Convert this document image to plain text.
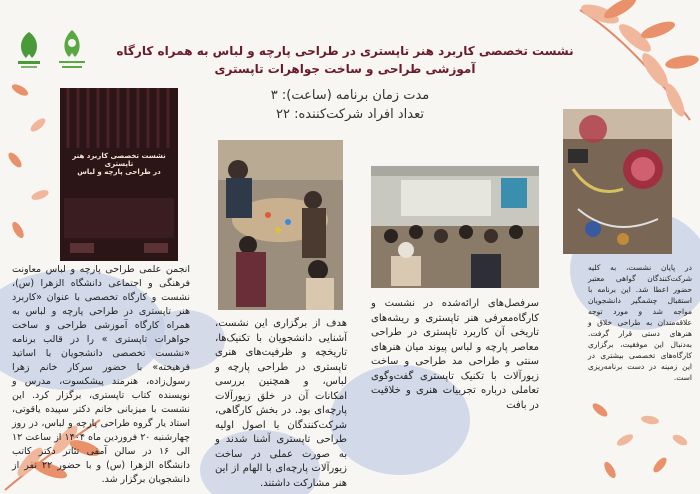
نشست تخصصی کاربرد هنر تاپستری در طراحی پارچه و لباس به همراه کارگاه
آموزشی طراحی و ساخت جواهرات تاپستری
مدت زمان برنامه (ساعت): ۳
تعداد افراد شرکت‌کننده: ۲۲
نشست تخصصی کاربرد هنر تاپستری
در طراحی پارچه و لباس
انجمن علمی طراحی پارچه و لباس معاونت فرهنگی و اجتماعی دانشگاه الزهرا (س)، نشست و کارگاه تخصصی با عنوان «کاربرد هنر تاپستری در طراحی پارچه و لباس به همراه کارگاه آموزشی طراحی و ساخت جواهرات تاپستری » را در قالب برنامه «نشست تخصصی دانشجویان با اساتید فرهیخته» با حضور سرکار خانم زهرا رسول‌زاده، هنرمند پیشکسوت، مدرس و نویسنده کتاب تاپستری، برگزار کرد. این نشست با میزبانی خانم دکتر سپیده یاقوتی، استاد یار گروه طراحی پارچه و لباس، در روز چهارشنبه ۲۰ فروردین ماه ۱۴۰۴ از ساعت ۱۲ الی ۱۶ در سالن آمفی تئاتر دکتر کاتب دانشگاه الزهرا (س) و با حضور ۲۲ نفر از دانشجویان برگزار شد.
هدف از برگزاری این نشست، آشنایی دانشجویان با تکنیک‌ها، تاریخچه و ظرفیت‌های هنری تاپستری در طراحی پارچه و لباس، و همچنین بررسی امکانات آن در خلق زیورآلات پارچه‌ای بود. در بخش کارگاهی، شرکت‌کنندگان با اصول اولیه طراحی تاپستری آشنا شدند و به صورت عملی در ساخت زیورآلات پارچه‌ای با الهام از این هنر مشارکت داشتند.
سرفصل‌های ارائه‌شده در نشست و کارگاه‌معرفی هنر تاپستری و ریشه‌های تاریخی آن کاربرد تاپستری در طراحی معاصر پارچه و لباس پیوند میان هنرهای سنتی و طراحی مد طراحی و ساخت زیورآلات با تکنیک تاپستری گفت‌وگوی تعاملی درباره تجربیات هنری و خلاقیت در بافت
در پایان نشست، به کلیه شرکت‌کنندگان گواهی معتبر حضور اعطا شد. این برنامه با استقبال چشمگیر دانشجویان مواجه شد و مورد توجه علاقه‌مندان به طراحی خلاق و هنرهای دستی قرار گرفت. به‌دنبال این موفقیت، برگزاری کارگاه‌های تخصصی بیشتری در این زمینه در دست برنامه‌ریزی است.
